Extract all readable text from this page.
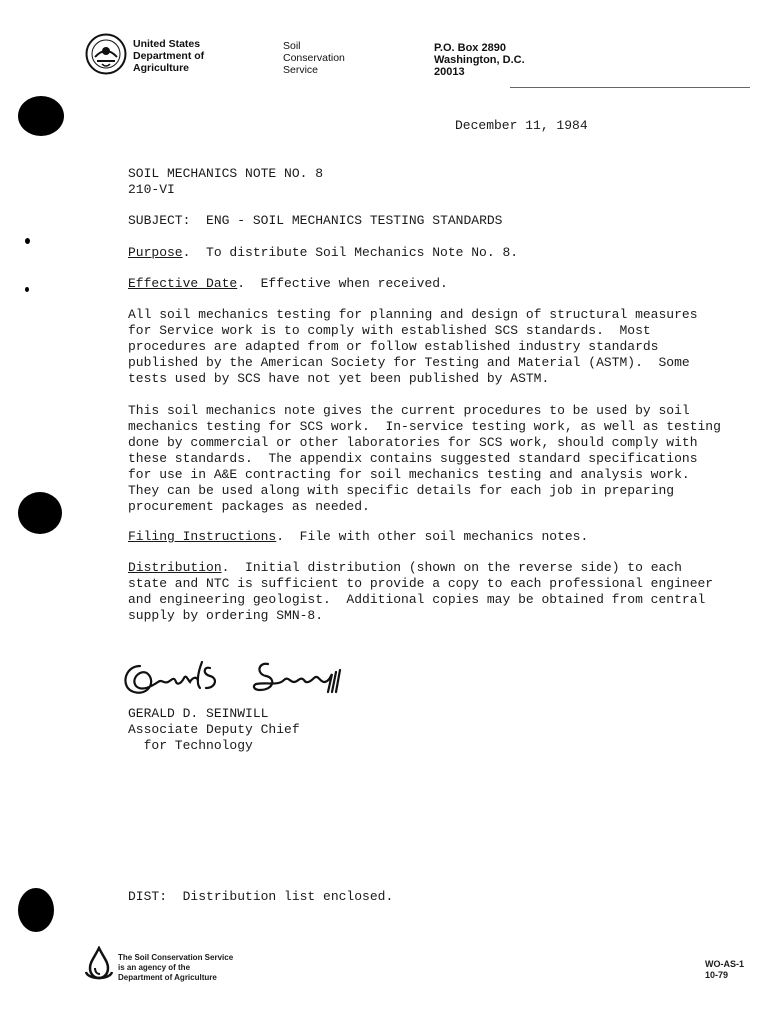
United States
Department of
Agriculture
Soil
Conservation
Service
P.O. Box 2890
Washington, D.C.
20013
December 11, 1984
SOIL MECHANICS NOTE NO. 8
210-VI
SUBJECT: ENG - SOIL MECHANICS TESTING STANDARDS
Purpose.  To distribute Soil Mechanics Note No. 8.
Effective Date.  Effective when received.
All soil mechanics testing for planning and design of structural measures
for Service work is to comply with established SCS standards.  Most
procedures are adapted from or follow established industry standards
published by the American Society for Testing and Material (ASTM).  Some
tests used by SCS have not yet been published by ASTM.
This soil mechanics note gives the current procedures to be used by soil
mechanics testing for SCS work.  In-service testing work, as well as testing
done by commercial or other laboratories for SCS work, should comply with
these standards.  The appendix contains suggested standard specifications
for use in A&E contracting for soil mechanics testing and analysis work.
They can be used along with specific details for each job in preparing
procurement packages as needed.
Filing Instructions.  File with other soil mechanics notes.
Distribution.  Initial distribution (shown on the reverse side) to each
state and NTC is sufficient to provide a copy to each professional engineer
and engineering geologist.  Additional copies may be obtained from central
supply by ordering SMN-8.
GERALD D. SEINWILL
Associate Deputy Chief
for Technology
DIST:  Distribution list enclosed.
The Soil Conservation Service
is an agency of the
Department of Agriculture
WO-AS-1
10-79
